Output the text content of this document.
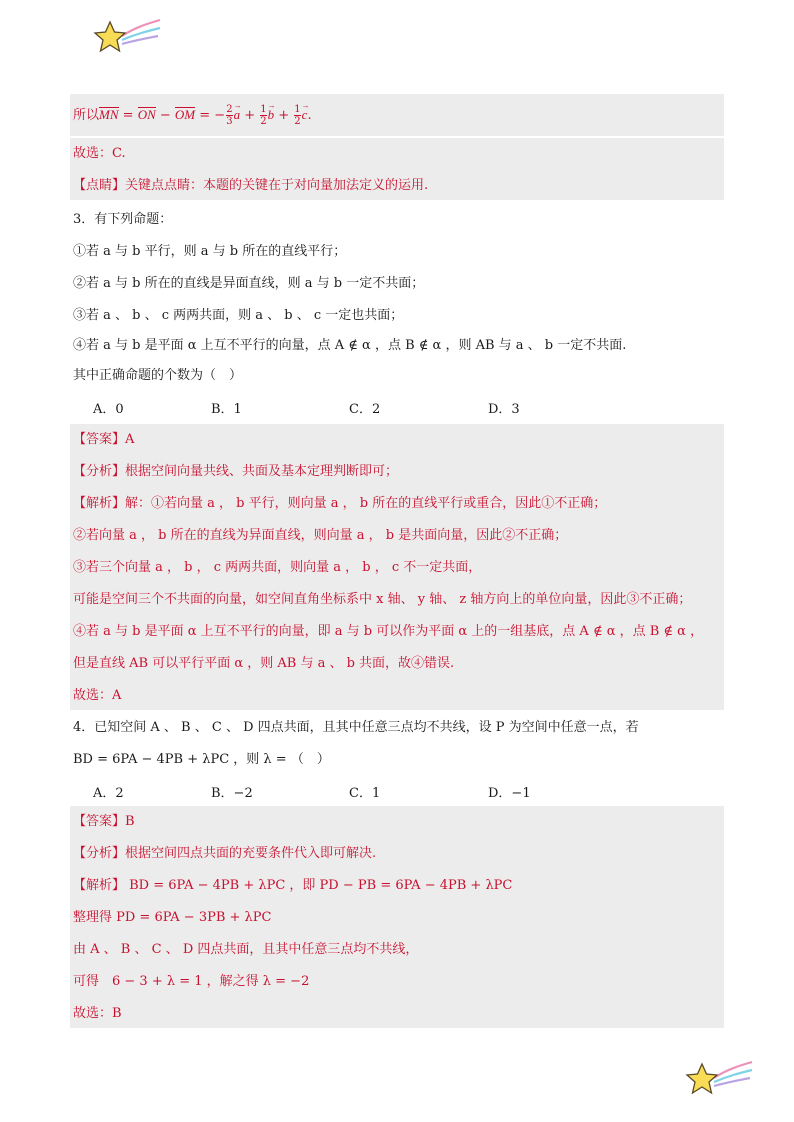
所以MN = ON − OM = − $\frac{2}{3}$
→ $a + \frac{1}{2}$
→ $b + \frac{1}{2}$
→ c.
故选：C.
【点睛】关键点点睛：本题的关键在于对向量加法定义的运用.
3．有下列命题：
①若 a 与 b 平行，则 a 与 b 所在的直线平行；
②若 a 与 b 所在的直线是异面直线，则 a 与 b 一定不共面；
③若 a 、 b 、 c 两两共面，则 a 、 b 、 c 一定也共面；
④若 a 与 b 是平面 α 上互不平行的向量，点 A ∉ α ，点 B ∉ α ，则 AB 与 a 、 b 一定不共面.
其中正确命题的个数为（　）
A．0	B．1	C．2	D．3
【答案】A
【分析】根据空间向量共线、共面及基本定理判断即可；
【解析】解：①若向量 a ， b 平行，则向量 a ， b 所在的直线平行或重合，因此①不正确；
②若向量 a ， b 所在的直线为异面直线，则向量 a ， b 是共面向量，因此②不正确；
③若三个向量 a ， b ， c 两两共面，则向量 a ， b ， c 不一定共面，
可能是空间三个不共面的向量，如空间直角坐标系中 x 轴、 y 轴、 z 轴方向上的单位向量，因此③不正确；
④若 a 与 b 是平面 α 上互不平行的向量，即 a 与 b 可以作为平面 α 上的一组基底，点 A ∉ α ，点 B ∉ α ，
但是直线 AB 可以平行平面 α ，则 AB 与 a 、 b 共面，故④错误.
故选：A
4．已知空间 A 、 B 、 C 、 D 四点共面，且其中任意三点均不共线，设 P 为空间中任意一点，若
BD = 6PA − 4PB + λPC ，则 λ = （　）
A．2	B．−2	C．1	D．−1
【答案】B
【分析】根据空间四点共面的充要条件代入即可解决.
【解析】 BD = 6PA − 4PB + λPC ，即 PD − PB = 6PA − 4PB + λPC
整理得 PD = 6PA − 3PB + λPC
由 A 、 B 、 C 、 D 四点共面，且其中任意三点均不共线，
可得　6 − 3 + λ = 1 ，解之得 λ = −2
故选：B
